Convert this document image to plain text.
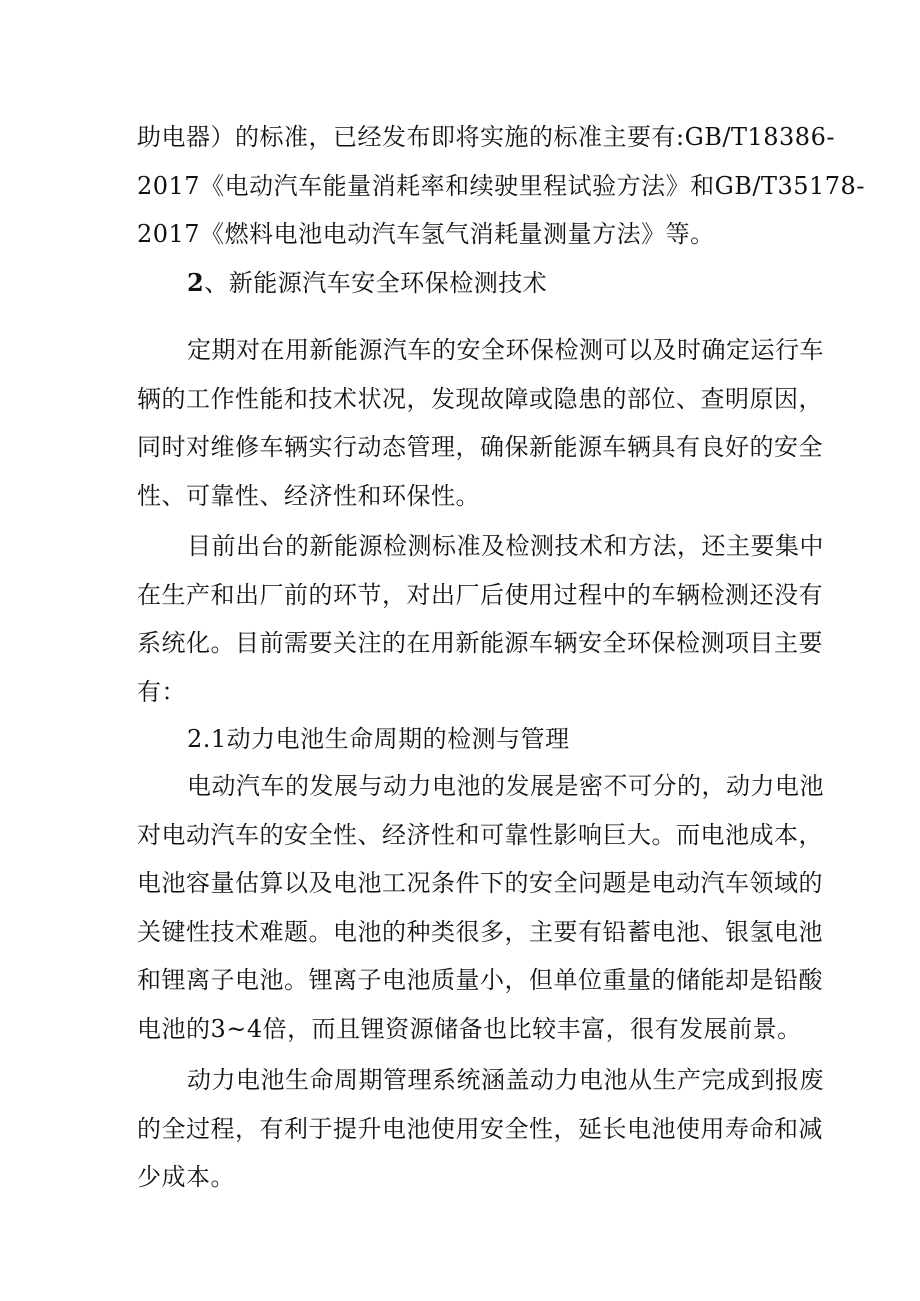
助电器）的标准，已经发布即将实施的标准主要有:GB/T18386-
2017《电动汽车能量消耗率和续驶里程试验方法》和GB/T35178-
2017《燃料电池电动汽车氢气消耗量测量方法》等。
2、新能源汽车安全环保检测技术
定期对在用新能源汽车的安全环保检测可以及时确定运行车
辆的工作性能和技术状况，发现故障或隐患的部位、查明原因，
同时对维修车辆实行动态管理，确保新能源车辆具有良好的安全
性、可靠性、经济性和环保性。
目前出台的新能源检测标准及检测技术和方法，还主要集中
在生产和出厂前的环节，对出厂后使用过程中的车辆检测还没有
系统化。目前需要关注的在用新能源车辆安全环保检测项目主要
有：
2.1动力电池生命周期的检测与管理
电动汽车的发展与动力电池的发展是密不可分的，动力电池
对电动汽车的安全性、经济性和可靠性影响巨大。而电池成本，
电池容量估算以及电池工况条件下的安全问题是电动汽车领域的
关键性技术难题。电池的种类很多，主要有铅蓄电池、银氢电池
和锂离子电池。锂离子电池质量小，但单位重量的储能却是铅酸
电池的3~4倍，而且锂资源储备也比较丰富，很有发展前景。
动力电池生命周期管理系统涵盖动力电池从生产完成到报废
的全过程，有利于提升电池使用安全性，延长电池使用寿命和减
少成本。
